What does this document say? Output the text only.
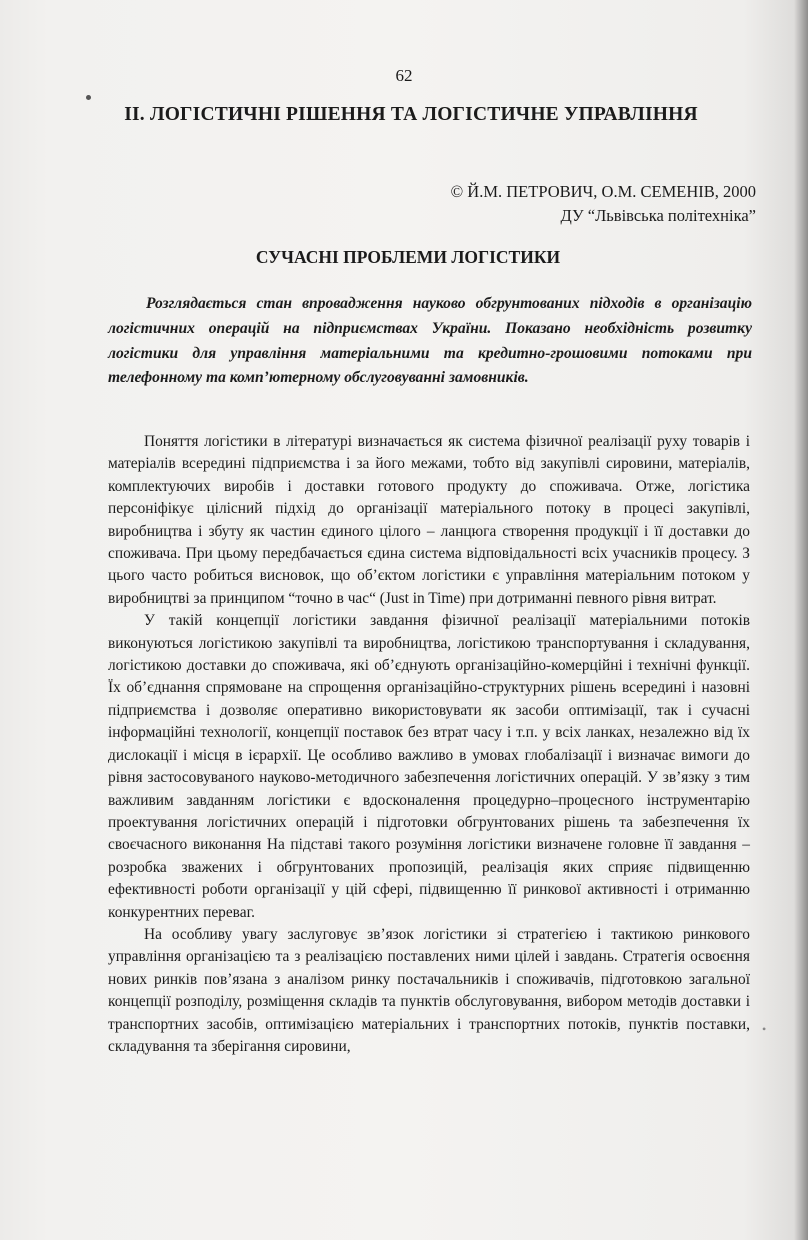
62
II. ЛОГІСТИЧНІ РІШЕННЯ ТА ЛОГІСТИЧНЕ УПРАВЛІННЯ
© Й.М. ПЕТРОВИЧ, О.М. СЕМЕНІВ, 2000
ДУ “Львівська політехніка”
СУЧАСНІ ПРОБЛЕМИ ЛОГІСТИКИ
Розглядається стан впровадження науково обгрунтованих підходів в організацію логістичних операцій на підприємствах України. Показано необхідність розвитку логістики для управління матеріальними та кредитно-грошовими потоками при телефонному та комп’ютерному обслуговуванні замовників.

Поняття логістики в літературі визначається як система фізичної реалізації руху товарів і матеріалів всередині підприємства і за його межами, тобто від закупівлі сировини, матеріалів, комплектуючих виробів і доставки готового продукту до споживача. Отже, логістика персоніфікує цілісний підхід до організації матеріального потоку в процесі закупівлі, виробництва і збуту як частин єдиного цілого – ланцюга створення продукції і її доставки до споживача. При цьому передбачається єдина система відповідальності всіх учасників процесу. З цього часто робиться висновок, що об’єктом логістики є управління матеріальним потоком у виробництві за принципом “точно в час“ (Just in Time) при дотриманні певного рівня витрат.

У такій концепції логістики завдання фізичної реалізації матеріальними потоків виконуються логістикою закупівлі та виробництва, логістикою транспортування і складування, логістикою доставки до споживача, які об’єднують організаційно-комерційні і технічні функції. Їх об’єднання спрямоване на спрощення організаційно-структурних рішень всередині і назовні підприємства і дозволяє оперативно використовувати як засоби оптимізації, так і сучасні інформаційні технології, концепції поставок без втрат часу і т.п. у всіх ланках, незалежно від їх дислокації і місця в ієрархії. Це особливо важливо в умовах глобалізації і визначає вимоги до рівня застосовуваного науково-методичного забезпечення логістичних операцій. У зв’язку з тим важливим завданням логістики є вдосконалення процедурно–процесного інструментарію проектування логістичних операцій і підготовки обгрунтованих рішень та забезпечення їх своєчасного виконання На підставі такого розуміння логістики визначене головне її завдання – розробка зважених і обгрунтованих пропозицій, реалізація яких сприяє підвищенню ефективності роботи організації у цій сфері, підвищенню її ринкової активності і отриманню конкурентних переваг.

На особливу увагу заслуговує зв’язок логістики зі стратегією і тактикою ринкового управління організацією та з реалізацією поставлених ними цілей і завдань. Стратегія освоєння нових ринків пов’язана з аналізом ринку постачальників і споживачів, підготовкою загальної концепції розподілу, розміщення складів та пунктів обслуговування, вибором методів доставки і транспортних засобів, оптимізацією матеріальних і транспортних потоків, пунктів поставки, складування та зберігання сировини,

•
